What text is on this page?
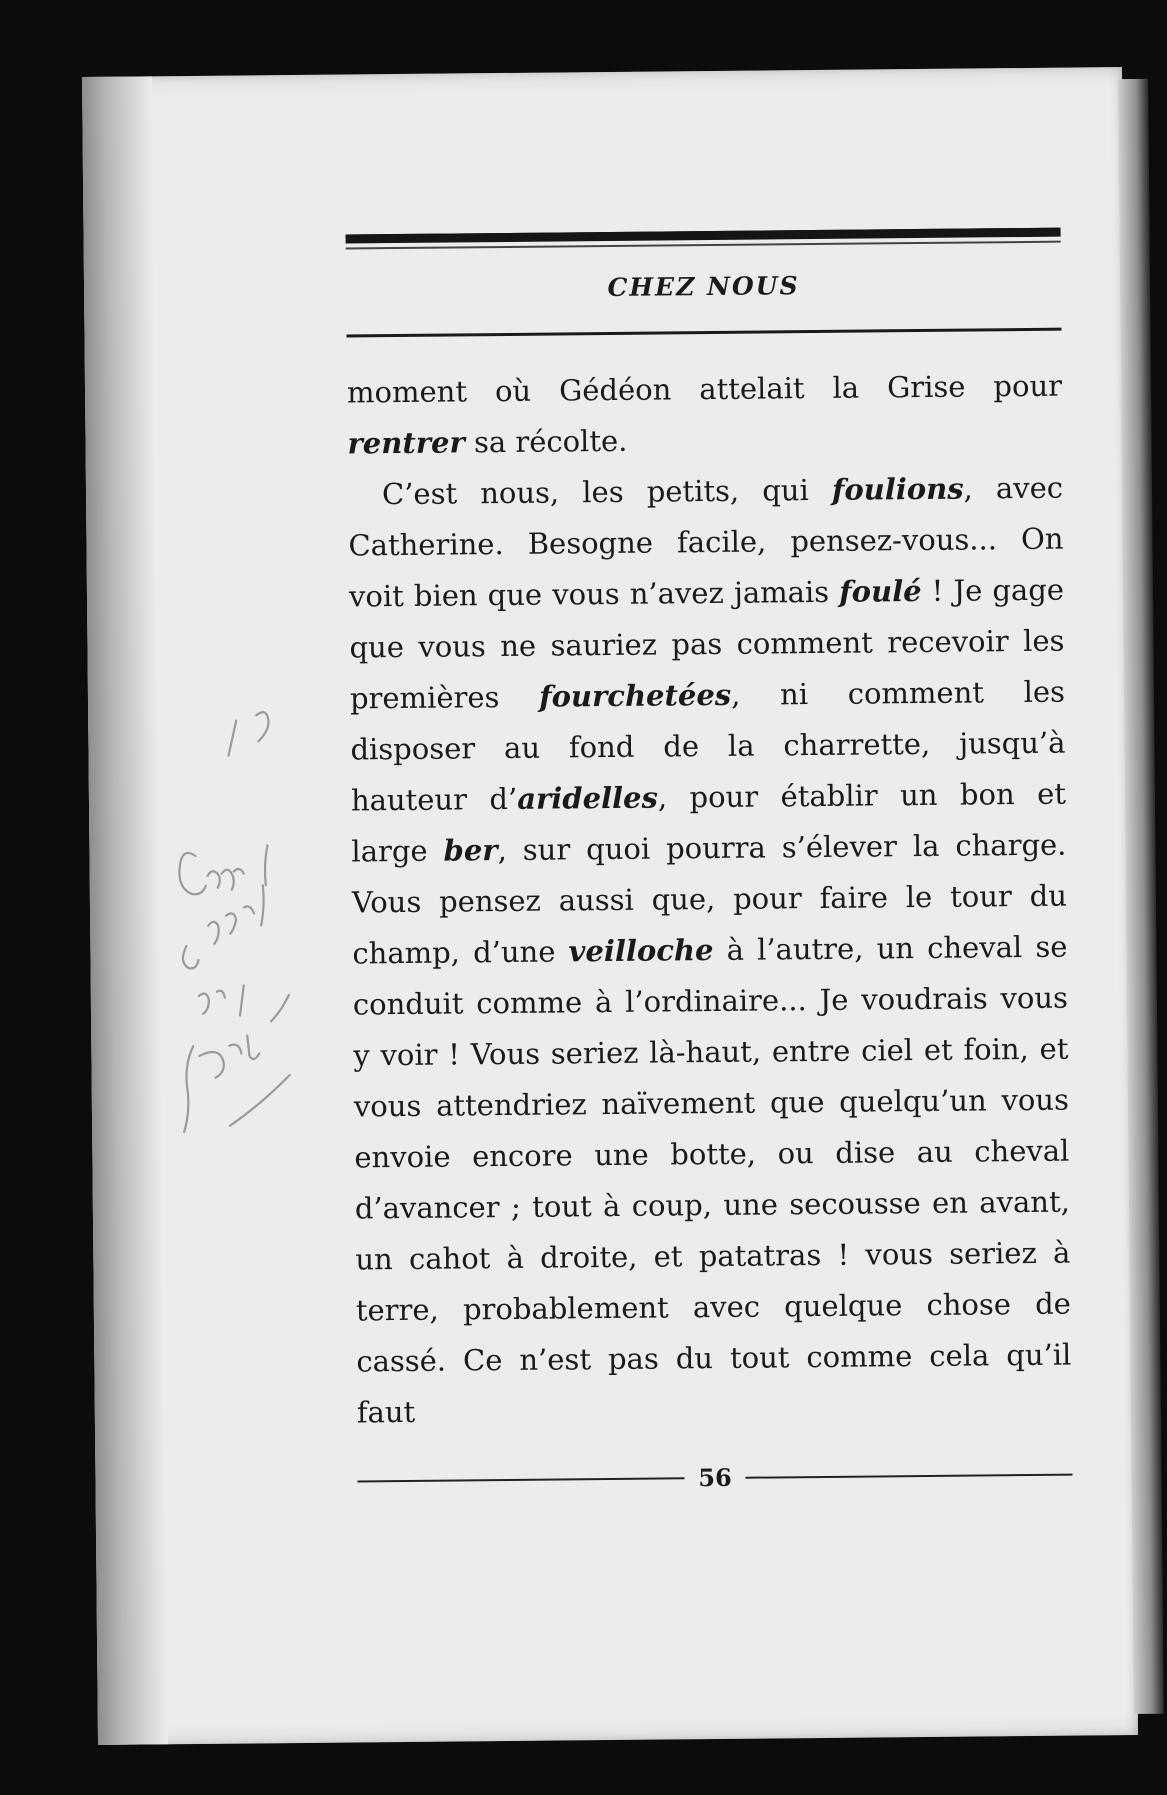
CHEZ NOUS

moment où Gédéon attelait la Grise pour rentrer sa récolte.

C’est nous, les petits, qui foulions, avec Catherine. Besogne facile, pensez-vous... On voit bien que vous n’avez jamais foulé ! Je gage que vous ne sauriez pas comment recevoir les premières fourchetées, ni comment les disposer au fond de la charrette, jusqu’à hauteur d’aridelles, pour établir un bon et large ber, sur quoi pourra s’élever la charge. Vous pensez aussi que, pour faire le tour du champ, d’une veilloche à l’autre, un cheval se conduit comme à l’ordinaire... Je voudrais vous y voir ! Vous seriez là-haut, entre ciel et foin, et vous attendriez naïvement que quelqu’un vous envoie encore une botte, ou dise au cheval d’avancer ; tout à coup, une secousse en avant, un cahot à droite, et patatras ! vous seriez à terre, probablement avec quelque chose de cassé. Ce n’est pas du tout comme cela qu’il faut

56
